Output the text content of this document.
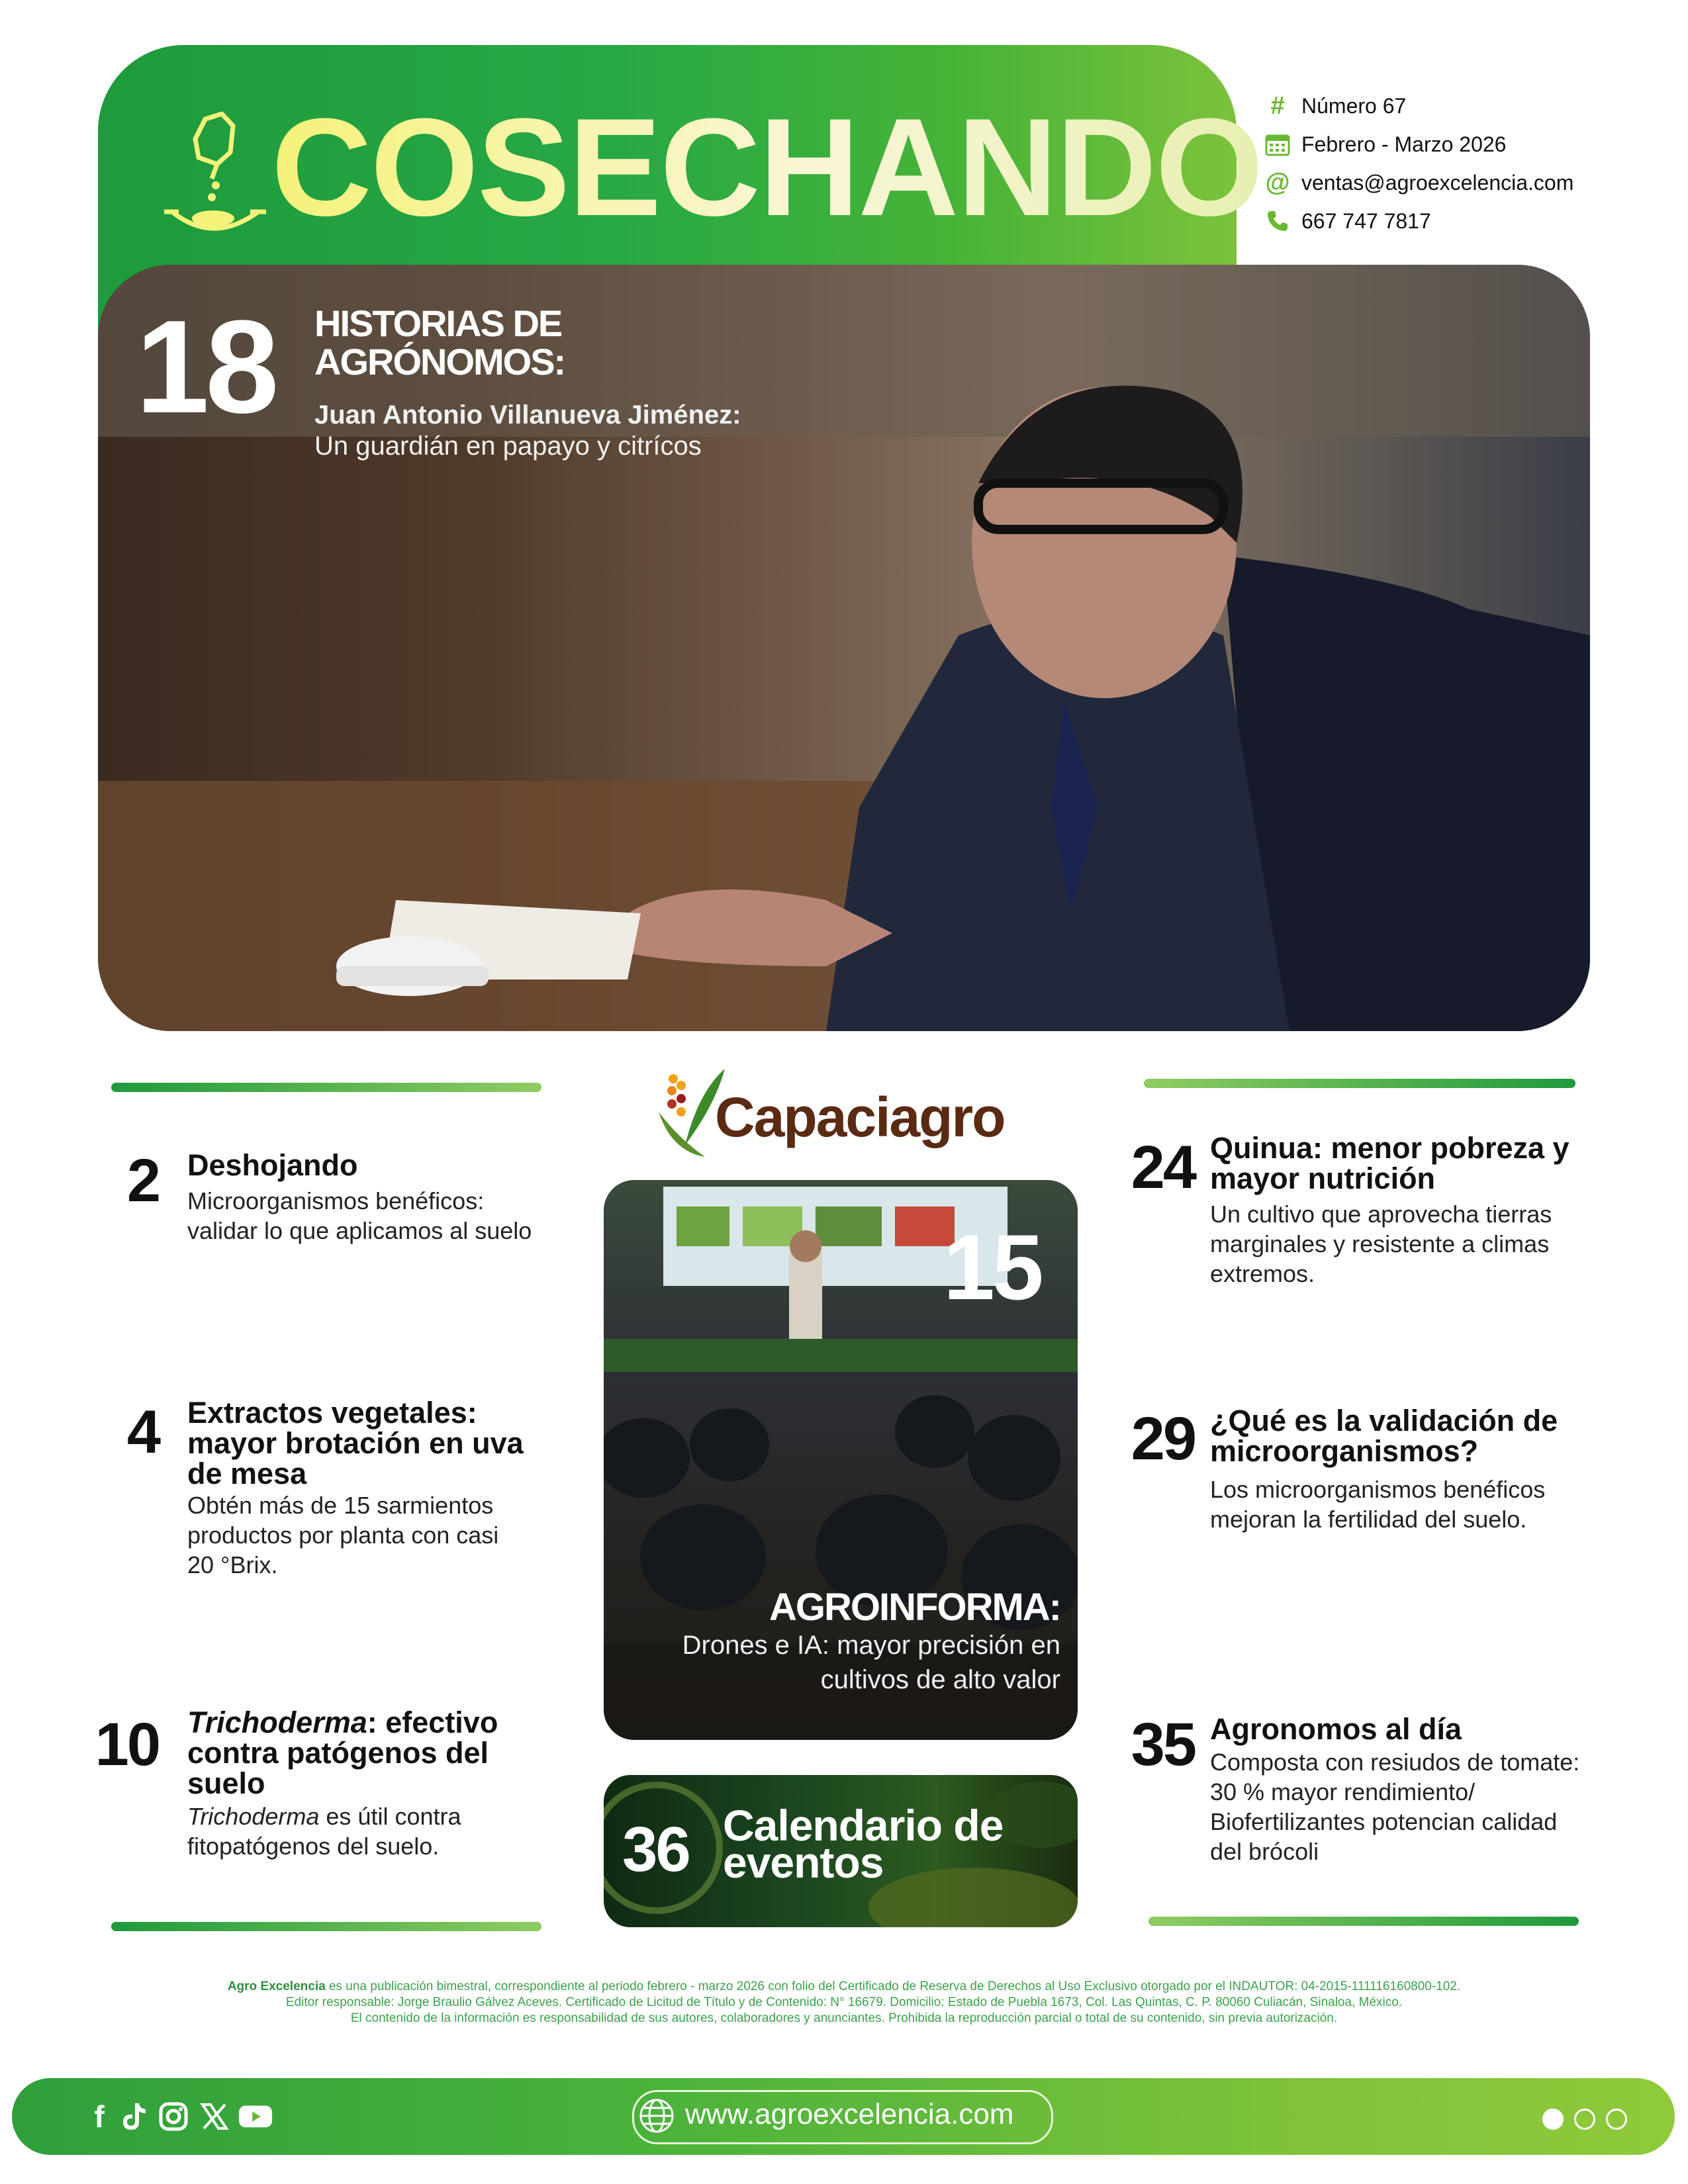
COSECHANDO # Número 67
Febrero - Marzo 2026
@ ventas@agroexcelencia.com
667 747 7817
18 HISTORIAS DE AGRÓNOMOS:
Juan Antonio Villanueva Jiménez:
Un guardián en papayo y citrícos
2 Deshojando
Microorganismos benéficos: validar lo que aplicamos al suelo
4 Extractos vegetales: mayor brotación en uva de mesa
Obtén más de 15 sarmientos productos por planta con casi 20 °Brix.
10 Trichoderma: efectivo contra patógenos del suelo
Trichoderma es útil contra fitopatógenos del suelo.
Capaciagro
15
AGROINFORMA:
Drones e IA: mayor precisión en cultivos de alto valor
36 Calendario de eventos
24 Quinua: menor pobreza y mayor nutrición
Un cultivo que aprovecha tierras marginales y resistente a climas extremos.
29 ¿Qué es la validación de microorganismos?
Los microorganismos benéficos mejoran la fertilidad del suelo.
35 Agronomos al día
Composta con resiudos de tomate: 30 % mayor rendimiento/ Biofertilizantes potencian calidad del brócoli
Agro Excelencia es una publicación bimestral, correspondiente al periodo febrero - marzo 2026 con folio del Certificado de Reserva de Derechos al Uso Exclusivo otorgado por el INDAUTOR: 04-2015-111116160800-102.
Editor responsable: Jorge Braulio Gálvez Aceves. Certificado de Licitud de Título y de Contenido: N° 16679. Domicilio: Estado de Puebla 1673, Col. Las Quintas, C. P. 80060 Culiacán, Sinaloa, México.
El contenido de la información es responsabilidad de sus autores, colaboradores y anunciantes. Prohibida la reproducción parcial o total de su contenido, sin previa autorización.
f	www.agroexcelencia.com
